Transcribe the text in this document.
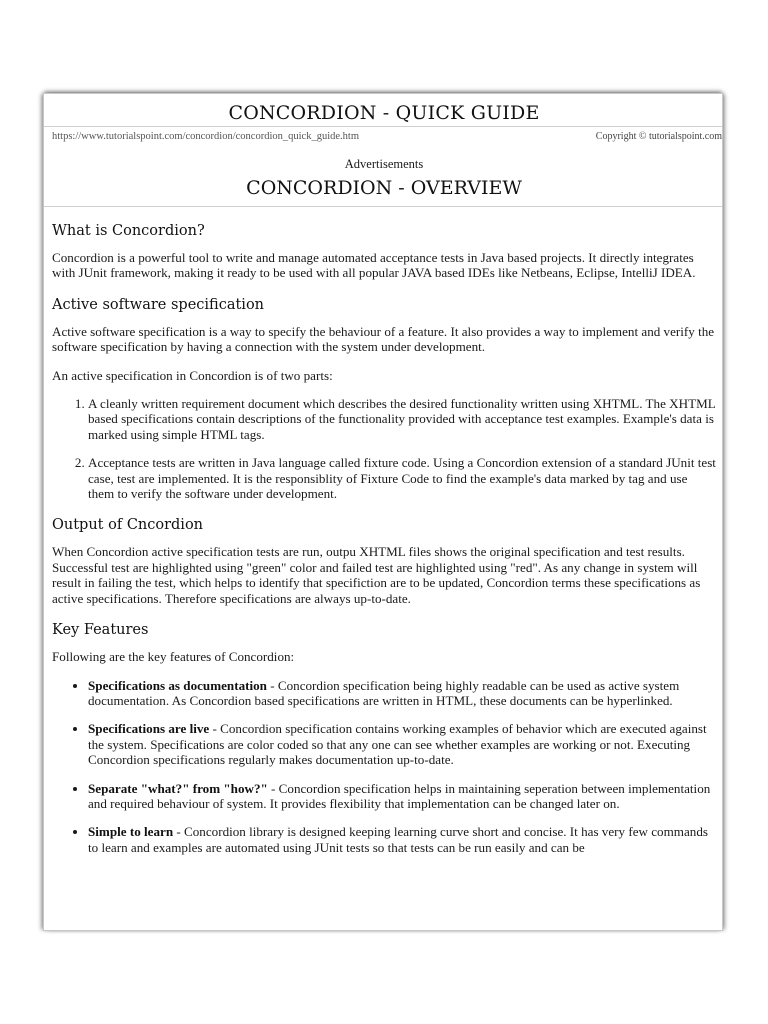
CONCORDION - QUICK GUIDE
https://www.tutorialspoint.com/concordion/concordion_quick_guide.htm	Copyright © tutorialspoint.com
Advertisements
CONCORDION - OVERVIEW
What is Concordion?

Concordion is a powerful tool to write and manage automated acceptance tests in Java based projects. It directly integrates with JUnit framework, making it ready to be used with all popular JAVA based IDEs like Netbeans, Eclipse, IntelliJ IDEA.

Active software specification

Active software specification is a way to specify the behaviour of a feature. It also provides a way to implement and verify the software specification by having a connection with the system under development.

An active specification in Concordion is of two parts:

1. A cleanly written requirement document which describes the desired functionality written using XHTML. The XHTML based specifications contain descriptions of the functionality provided with acceptance test examples. Example's data is marked using simple HTML tags.
2. Acceptance tests are written in Java language called fixture code. Using a Concordion extension of a standard JUnit test case, test are implemented. It is the responsiblity of Fixture Code to find the example's data marked by tag and use them to verify the software under development.
Output of Cncordion

When Concordion active specification tests are run, outpu XHTML files shows the original specification and test results. Successful test are highlighted using "green" color and failed test are highlighted using "red". As any change in system will result in failing the test, which helps to identify that specifiction are to be updated, Concordion terms these specifications as active specifications. Therefore specifications are always up-to-date.

Key Features

Following are the key features of Concordion:

• Specifications as documentation - Concordion specification being highly readable can be used as active system documentation. As Concordion based specifications are written in HTML, these documents can be hyperlinked.
• Specifications are live - Concordion specification contains working examples of behavior which are executed against the system. Specifications are color coded so that any one can see whether examples are working or not. Executing Concordion specifications regularly makes documentation up-to-date.
• Separate "what?" from "how?" - Concordion specification helps in maintaining seperation between implementation and required behaviour of system. It provides flexibility that implementation can be changed later on.
• Simple to learn - Concordion library is designed keeping learning curve short and concise. It has very few commands to learn and examples are automated using JUnit tests so that tests can be run easily and can be
